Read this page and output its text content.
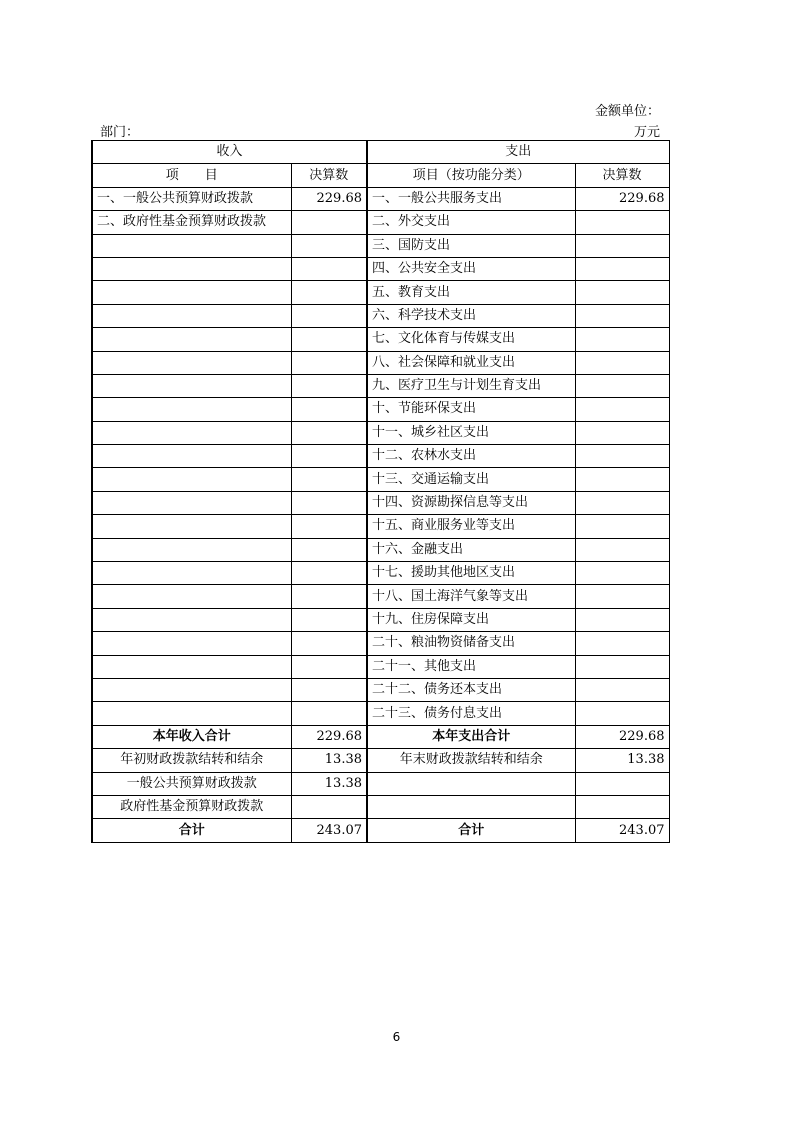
金额单位：
部门：	万元
收入		支出	
项　　目	决算数	项目（按功能分类）	决算数
一、一般公共预算财政拨款	229.68	一、一般公共服务支出	229.68
二、政府性基金预算财政拨款		二、外交支出	
		三、国防支出	
		四、公共安全支出	
		五、教育支出	
		六、科学技术支出	
		七、文化体育与传媒支出	
		八、社会保障和就业支出	
		九、医疗卫生与计划生育支出	
		十、节能环保支出	
		十一、城乡社区支出	
		十二、农林水支出	
		十三、交通运输支出	
		十四、资源勘探信息等支出	
		十五、商业服务业等支出	
		十六、金融支出	
		十七、援助其他地区支出	
		十八、国土海洋气象等支出	
		十九、住房保障支出	
		二十、粮油物资储备支出	
		二十一、其他支出	
		二十二、债务还本支出	
		二十三、债务付息支出	
本年收入合计	229.68	本年支出合计	229.68
年初财政拨款结转和结余	13.38	年末财政拨款结转和结余	13.38
一般公共预算财政拨款	13.38		
政府性基金预算财政拨款			
合计	243.07	合计	243.07
6
